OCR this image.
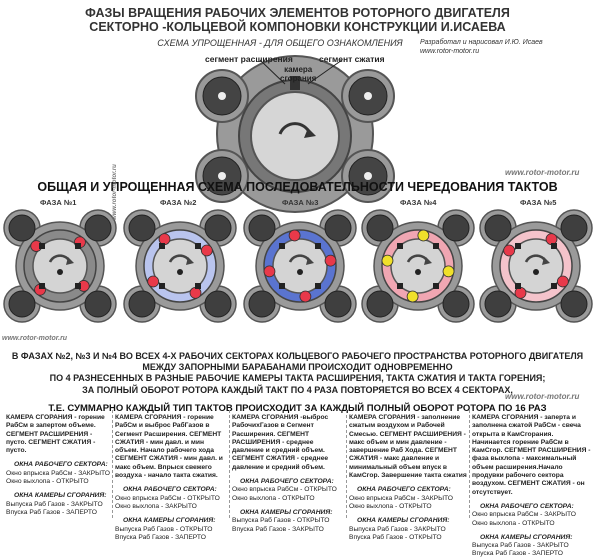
ФАЗЫ ВРАЩЕНИЯ РАБОЧИХ ЭЛЕМЕНТОВ РОТОРНОГО ДВИГАТЕЛЯ
СЕКТОРНО -КОЛЬЦЕВОЙ КОМПОНОВКИ КОНСТРУКЦИИ И.ИСАЕВА
СХЕМА УПРОЩЕННАЯ - ДЛЯ ОБЩЕГО ОЗНАКОМЛЕНИЯ	Разработал и нарисовал И.Ю. Исаев
www.rotor-motor.ru
сегмент расширения	сегмент сжатия
камера
сгорания
www.rotor-motor.ru
ОБЩАЯ И УПРОЩЕННАЯ СХЕМА ПОСЛЕДОВАТЕЛЬНОСТИ ЧЕРЕДОВАНИЯ ТАКТОВ
ФАЗА №1	ФАЗА №2	ФАЗА №3	ФАЗА №4	ФАЗА №5
www.rotor-motor.ru
www.rotor-motor.ru
В ФАЗАХ №2, №3 И №4 ВО ВСЕХ 4-Х РАБОЧИХ СЕКТОРАХ КОЛЬЦЕВОГО РАБОЧЕГО ПРОСТРАНСТВА РОТОРНОГО ДВИГАТЕЛЯ
МЕЖДУ ЗАПОРНЫМИ БАРАБАНАМИ ПРОИСХОДИТ ОДНОВРЕМЕННО
ПО 4 РАЗНЕСЕННЫХ В РАЗНЫЕ РАБОЧИЕ КАМЕРЫ ТАКТА РАСШИРЕНИЯ, ТАКТА СЖАТИЯ И ТАКТА ГОРЕНИЯ;
ЗА ПОЛНЫЙ ОБОРОТ РОТОРА КАЖДЫЙ ТАКТ ПО 4 РАЗА ПОВТОРЯЕТСЯ ВО ВСЕХ 4 СЕКТОРАХ,
www.rotor-motor.ru
Т.Е. СУММАРНО КАЖДЫЙ ТИП ТАКТОВ ПРОИСХОДИТ ЗА КАЖДЫЙ ПОЛНЫЙ ОБОРОТ РОТОРА ПО 16 РАЗ

КАМЕРА СГОРАНИЯ - горение РабСм в запертом объеме. СЕГМЕНТ РАСШИРЕНИЯ - пусто. СЕГМЕНТ СЖАТИЯ - пусто.

ОКНА РАБОЧЕГО СЕКТОРА:

Окно впрыска РабСм - ЗАКРЫТО

Окно выхлопа - ОТКРЫТО

ОКНА КАМЕРЫ СГОРАНИЯ:

Выпуска Раб Газов - ЗАКРЫТО

Впуска Раб Газов - ЗАПЕРТО

КАМЕРА СГОРАНИЯ - горение РабСм и выброс РабГазов в Сегмент Расширения. СЕГМЕНТ СЖАТИЯ - мин давл. и мин объем. Начало рабочего хода СЕГМЕНТ СЖАТИЯ - мин давл. и макс объем. Впрыск свежего воздуха - начало такта сжатия.

ОКНА РАБОЧЕГО СЕКТОРА:

Окно впрыска РабСм - ОТКРЫТО

Окно выхлопа - ЗАКРЫТО

ОКНА КАМЕРЫ СГОРАНИЯ:

Выпуска Раб Газов - ОТКРЫТО

Впуска Раб Газов - ЗАПЕРТО

КАМЕРА СГОРАНИЯ -выброс РабочихГазов в Сегмент Расширения. СЕГМЕНТ РАСШИРЕНИЯ - среднее давление и средний объем. СЕГМЕНТ СЖАТИЯ - среднее давление и средний объем.

ОКНА РАБОЧЕГО СЕКТОРА:

Окно впрыска РабСм - ОТКРЫТО

Окно выхлопа - ОТКРЫТО

ОКНА КАМЕРЫ СГОРАНИЯ:

Выпуска Раб Газов - ОТКРЫТО

Впуска Раб Газов - ЗАКРЫТО

КАМЕРА СГОРАНИЯ - заполнение сжатым воздухом и Рабочей Смесью. СЕГМЕНТ РАСШИРЕНИЯ - макс объем и мин давление - завершение Раб Хода. СЕГМЕНТ СЖАТИЯ - макс давление и минимальный объем впуск в КамСгор. Завершение такта сжатия

ОКНА РАБОЧЕГО СЕКТОРА:

Окно впрыска РабСм - ЗАКРЫТО

Окно выхлопа - ОТКРЫТО

ОКНА КАМЕРЫ СГОРАНИЯ:

Выпуска Раб Газов - ЗАКРЫТО

Впуска Раб Газов - ОТКРЫТО

КАМЕРА СГОРАНИЯ - заперта и заполнена сжатой РабСм - свеча открыта в КамСгорания. Начинается горение РабСм в КамСгор. СЕГМЕНТ РАСШИРЕНИЯ - фаза выхлопа - максимальный объем расширения.Начало продувки рабочего сектора воздухом. СЕГМЕНТ СЖАТИЯ - он отсутствует.

ОКНА РАБОЧЕГО СЕКТОРА:

Окно впрыска РабСм - ЗАКРЫТО

Окно выхлопа - ОТКРЫТО

ОКНА КАМЕРЫ СГОРАНИЯ:

Выпуска Раб Газов - ЗАКРЫТО

Впуска Раб Газов - ЗАПЕРТО
